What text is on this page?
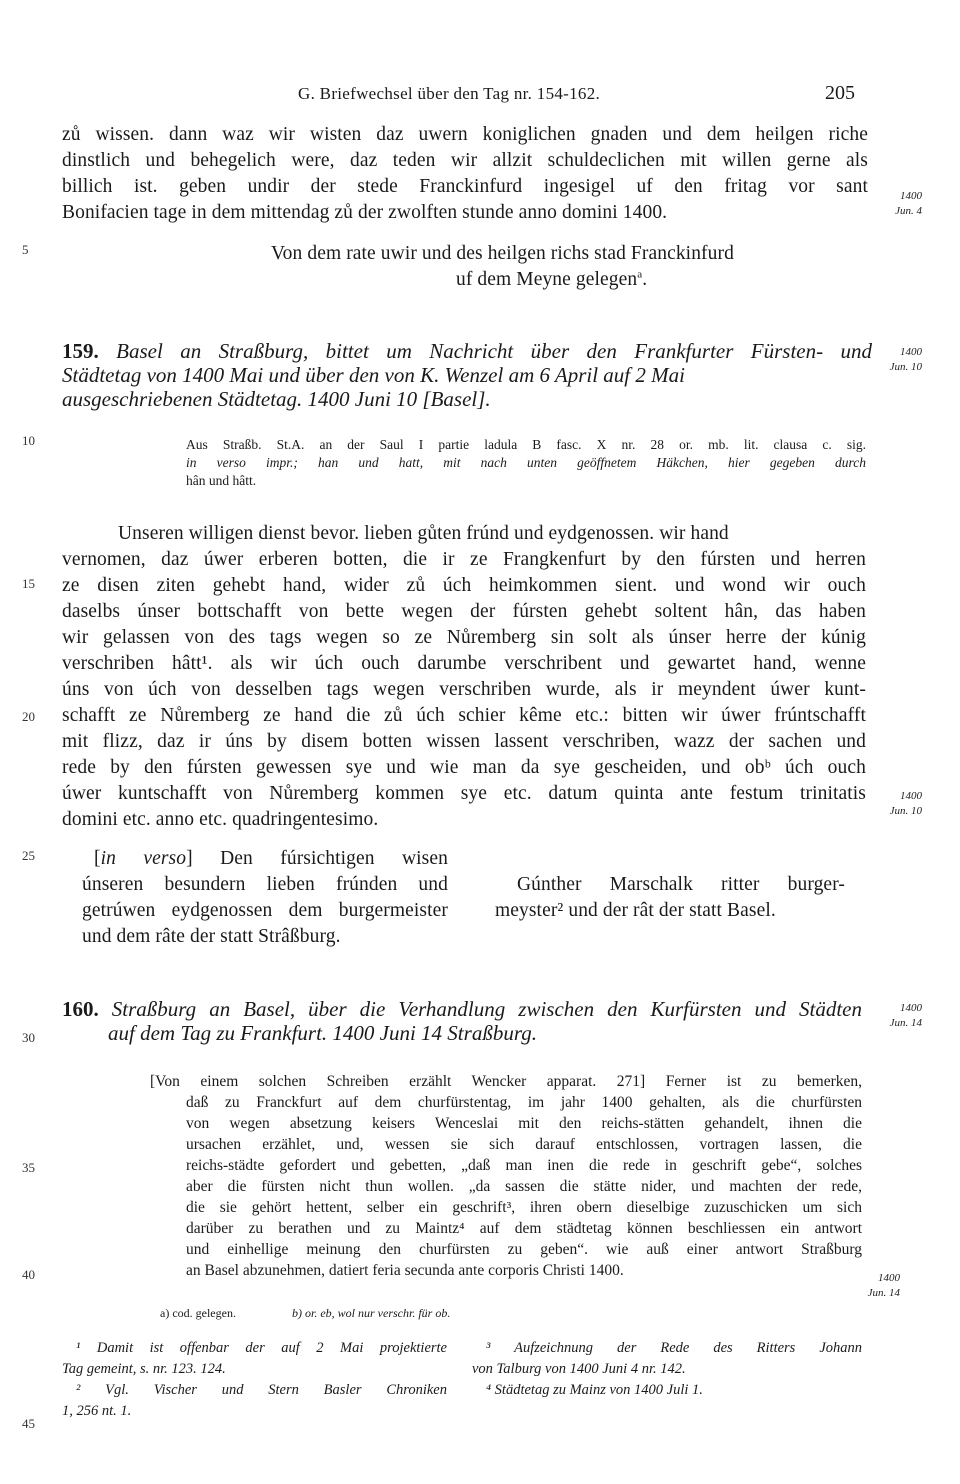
G. Briefwechsel über den Tag nr. 154-162.	205
5
10
15
20
25
30
35
40
45
zů wissen. dann waz wir wisten daz uwern koniglichen gnaden und dem heilgen riche
dinstlich und behegelich were, daz teden wir allzit schuldeclichen mit willen gerne als
billich ist. geben undir der stede Franckinfurd ingesigel uf den fritag vor sant
Bonifacien tage in dem mittendag zů der zwolften stunde anno domini 1400.
1400
Jun. 4
Von dem rate uwir und des heilgen richs stad Franckinfurd
uf dem Meyne gelegen$^a$.
159. Basel an Straßburg, bittet um Nachricht über den Frankfurter Fürsten- und
Städtetag von 1400 Mai und über den von K. Wenzel am 6 April auf 2 Mai
ausgeschriebenen Städtetag. 1400 Juni 10 [Basel].
1400
Jun. 10
Aus Straßb. St.A. an der Saul I partie ladula B fasc. X nr. 28 or. mb. lit. clausa c. sig.
in verso impr.; han und hatt, mit nach unten geöffnetem Häkchen, hier gegeben durch
hân und hâtt.
Unseren willigen dienst bevor. lieben gůten frúnd und eydgenossen. wir hand
vernomen, daz úwer erberen botten, die ir ze Frangkenfurt by den fúrsten und herren
ze disen ziten gehebt hand, wider zů úch heimkommen sient. und wond wir ouch
daselbs únser bottschafft von bette wegen der fúrsten gehebt soltent hân, das haben
wir gelassen von des tags wegen so ze Nůremberg sin solt als únser herre der kúnig
verschriben hâtt¹. als wir úch ouch darumbe verschribent und gewartet hand, wenne
úns von úch von desselben tags wegen verschriben wurde, als ir meyndent úwer kunt-
schafft ze Nůremberg ze hand die zů úch schier kême etc.: bitten wir úwer frúntschafft
mit flizz, daz ir úns by disem botten wissen lassent verschriben, wazz der sachen und
rede by den fúrsten gewessen sye und wie man da sye gescheiden, und obᵇ úch ouch
úwer kuntschafft von Nůremberg kommen sye etc. datum quinta ante festum trinitatis
domini etc. anno etc. quadringentesimo.
1400
Jun. 10
[in verso] Den fúrsichtigen wisen
únseren besundern lieben frúnden und
getrúwen eydgenossen dem burgermeister
und dem râte der statt Strâßburg.
Gúnther Marschalk ritter burger-
meyster² und der rât der statt Basel.
160. Straßburg an Basel, über die Verhandlung zwischen den Kurfürsten und Städten
auf dem Tag zu Frankfurt. 1400 Juni 14 Straßburg.
1400
Jun. 14
[Von einem solchen Schreiben erzählt Wencker apparat. 271] Ferner ist zu bemerken,
daß zu Franckfurt auf dem churfürstentag, im jahr 1400 gehalten, als die churfürsten
von wegen absetzung keisers Wenceslai mit den reichs-stätten gehandelt, ihnen die
ursachen erzählet, und, wessen sie sich darauf entschlossen, vortragen lassen, die
reichs-städte gefordert und gebetten, „daß man inen die rede in geschrift gebe“, solches
aber die fürsten nicht thun wollen. „da sassen die stätte nider, und machten der rede,
die sie gehört hettent, selber ein geschrift³, ihren obern dieselbige zuzuschicken um sich
darüber zu berathen und zu Maintz⁴ auf dem städtetag können beschliessen ein antwort
und einhellige meinung den churfürsten zu geben“. wie auß einer antwort Straßburg
an Basel abzunehmen, datiert feria secunda ante corporis Christi 1400.	1400
Jun. 14
a) cod. gelegen.	b) or. eb, wol nur verschr. für ob.
¹ Damit ist offenbar der auf 2 Mai projektierte
Tag gemeint, s. nr. 123. 124.
² Vgl. Vischer und Stern Basler Chroniken
1, 256 nt. 1.
³ Aufzeichnung der Rede des Ritters Johann
von Talburg von 1400 Juni 4 nr. 142.
⁴ Städtetag zu Mainz von 1400 Juli 1.
